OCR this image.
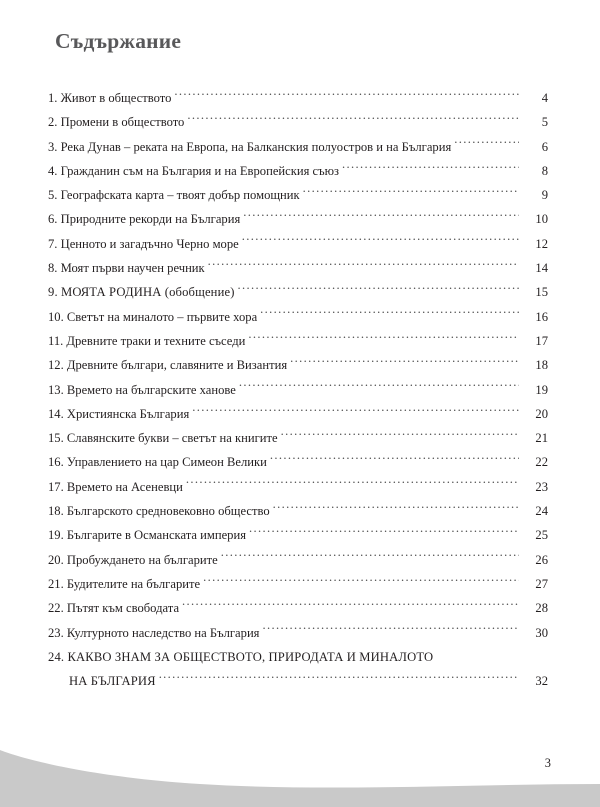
Съдържание
1. Живот в обществото .....	4
2. Промени в обществото .....	5
3. Река Дунав – реката на Европа, на Балканския полуостров и на България .....	6
4. Гражданин съм на България и на Европейския съюз .....	8
5. Географската карта – твоят добър помощник .....	9
6. Природните рекорди на България .....	10
7. Ценното и загадъчно Черно море .....	12
8. Моят първи научен речник .....	14
9. МОЯТА РОДИНА (обобщение) .....	15
10. Светът на миналото – първите хора .....	16
11. Древните траки и техните съседи .....	17
12. Древните българи, славяните и Византия .....	18
13. Времето на българските ханове .....	19
14. Християнска България .....	20
15. Славянските букви – светът на книгите .....	21
16. Управлението на цар Симеон Велики .....	22
17. Времето на Асеневци .....	23
18. Българското средновековно общество .....	24
19. Българите в Османската империя .....	25
20. Пробуждането на българите .....	26
21. Будителите на българите .....	27
22. Пътят към свободата .....	28
23. Културното наследство на България .....	30
24. КАКВО ЗНАМ ЗА ОБЩЕСТВОТО, ПРИРОДАТА И МИНАЛОТО
НА БЪЛГАРИЯ .....	32
3
